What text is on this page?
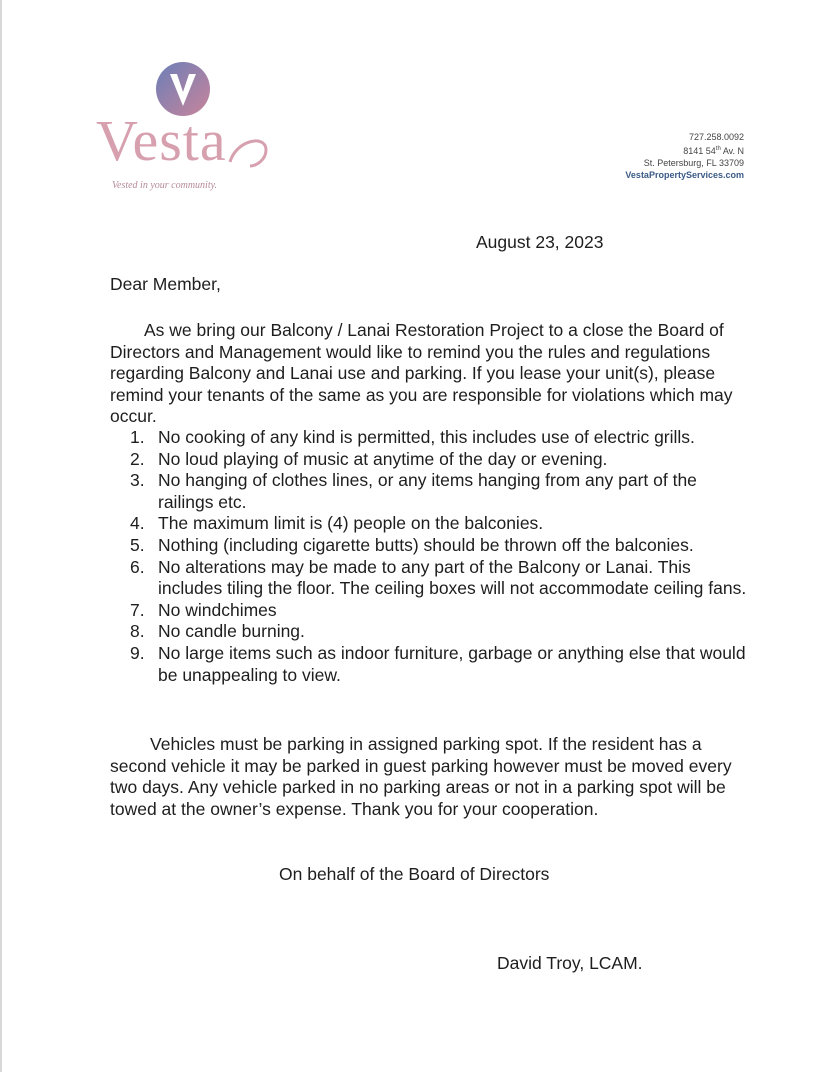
Vesta
Vested in your community.
727.258.0092
8141 54th Av. N
St. Petersburg, FL 33709
VestaPropertyServices.com
August 23, 2023
Dear Member,

As we bring our Balcony / Lanai Restoration Project to a close the Board of Directors and Management would like to remind you the rules and regulations regarding Balcony and Lanai use and parking. If you lease your unit(s), please remind your tenants of the same as you are responsible for violations which may occur.

1. No cooking of any kind is permitted, this includes use of electric grills.
2. No loud playing of music at anytime of the day or evening.
3. No hanging of clothes lines, or any items hanging from any part of the railings etc.
4. The maximum limit is (4) people on the balconies.
5. Nothing (including cigarette butts) should be thrown off the balconies.
6. No alterations may be made to any part of the Balcony or Lanai. This includes tiling the floor. The ceiling boxes will not accommodate ceiling fans.
7. No windchimes
8. No candle burning.
9. No large items such as indoor furniture, garbage or anything else that would be unappealing to view.

Vehicles must be parking in assigned parking spot. If the resident has a second vehicle it may be parked in guest parking however must be moved every two days. Any vehicle parked in no parking areas or not in a parking spot will be towed at the owner’s expense. Thank you for your cooperation.

On behalf of the Board of Directors
David Troy, LCAM.
